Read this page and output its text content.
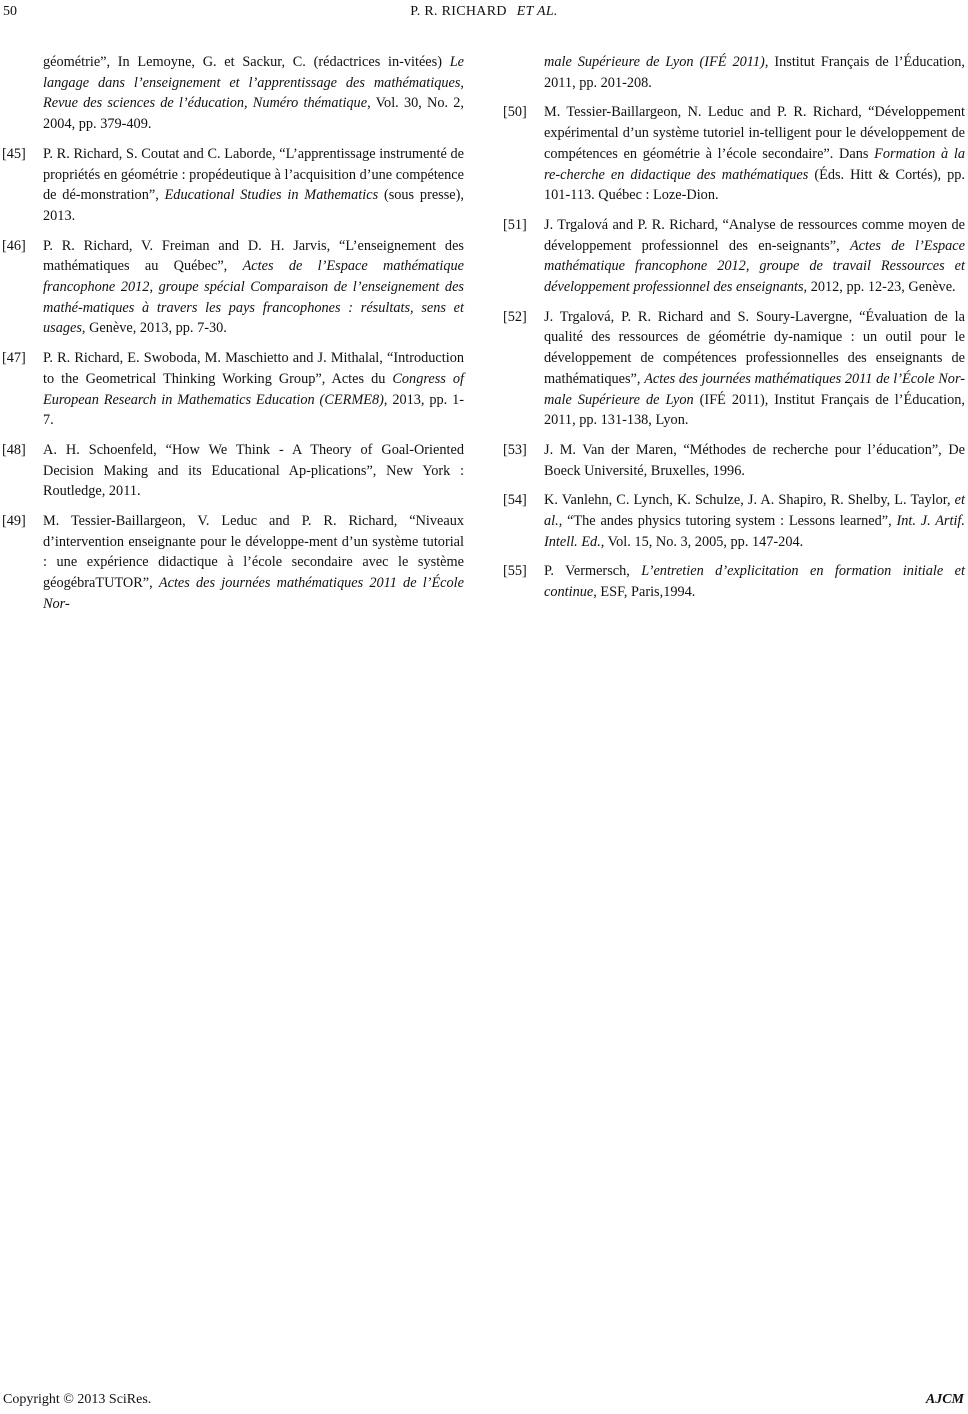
50	P. R. RICHARD ET AL.
géométrie”, In Lemoyne, G. et Sackur, C. (rédactrices in-vitées) Le langage dans l’enseignement et l’apprentissage des mathématiques, Revue des sciences de l’éducation, Numéro thématique, Vol. 30, No. 2, 2004, pp. 379-409.
[45] P. R. Richard, S. Coutat and C. Laborde, “L’apprentissage instrumenté de propriétés en géométrie : propédeutique à l’acquisition d’une compétence de dé-monstration”, Educational Studies in Mathematics (sous presse), 2013.
[46] P. R. Richard, V. Freiman and D. H. Jarvis, “L’enseignement des mathématiques au Québec”, Actes de l’Espace mathématique francophone 2012, groupe spécial Comparaison de l’enseignement des mathé-matiques à travers les pays francophones : résultats, sens et usages, Genève, 2013, pp. 7-30.
[47] P. R. Richard, E. Swoboda, M. Maschietto and J. Mithalal, “Introduction to the Geometrical Thinking Working Group”, Actes du Congress of European Research in Mathematics Education (CERME8), 2013, pp. 1-7.
[48] A. H. Schoenfeld, “How We Think - A Theory of Goal-Oriented Decision Making and its Educational Ap-plications”, New York : Routledge, 2011.
[49] M. Tessier-Baillargeon, V. Leduc and P. R. Richard, “Niveaux d’intervention enseignante pour le développe-ment d’un système tutorial : une expérience didactique à l’école secondaire avec le système géogébraTUTOR”, Actes des journées mathématiques 2011 de l’École Nor-
male Supérieure de Lyon (IFÉ 2011), Institut Français de l’Éducation, 2011, pp. 201-208.
[50] M. Tessier-Baillargeon, N. Leduc and P. R. Richard, “Développement expérimental d’un système tutoriel in-telligent pour le développement de compétences en géométrie à l’école secondaire”. Dans Formation à la re-cherche en didactique des mathématiques (Éds. Hitt & Cortés), pp. 101-113. Québec : Loze-Dion.
[51] J. Trgalová and P. R. Richard, “Analyse de ressources comme moyen de développement professionnel des en-seignants”, Actes de l’Espace mathématique francophone 2012, groupe de travail Ressources et développement professionnel des enseignants, 2012, pp. 12-23, Genève.
[52] J. Trgalová, P. R. Richard and S. Soury-Lavergne, “Évaluation de la qualité des ressources de géométrie dy-namique : un outil pour le développement de compétences professionnelles des enseignants de mathématiques”, Actes des journées mathématiques 2011 de l’École Nor-male Supérieure de Lyon (IFÉ 2011), Institut Français de l’Éducation, 2011, pp. 131-138, Lyon.
[53] J. M. Van der Maren, “Méthodes de recherche pour l’éducation”, De Boeck Université, Bruxelles, 1996.
[54] K. Vanlehn, C. Lynch, K. Schulze, J. A. Shapiro, R. Shelby, L. Taylor, et al., “The andes physics tutoring system : Lessons learned”, Int. J. Artif. Intell. Ed., Vol. 15, No. 3, 2005, pp. 147-204.
[55] P. Vermersch, L’entretien d’explicitation en formation initiale et continue, ESF, Paris,1994.
Copyright © 2013 SciRes.	AJCM
